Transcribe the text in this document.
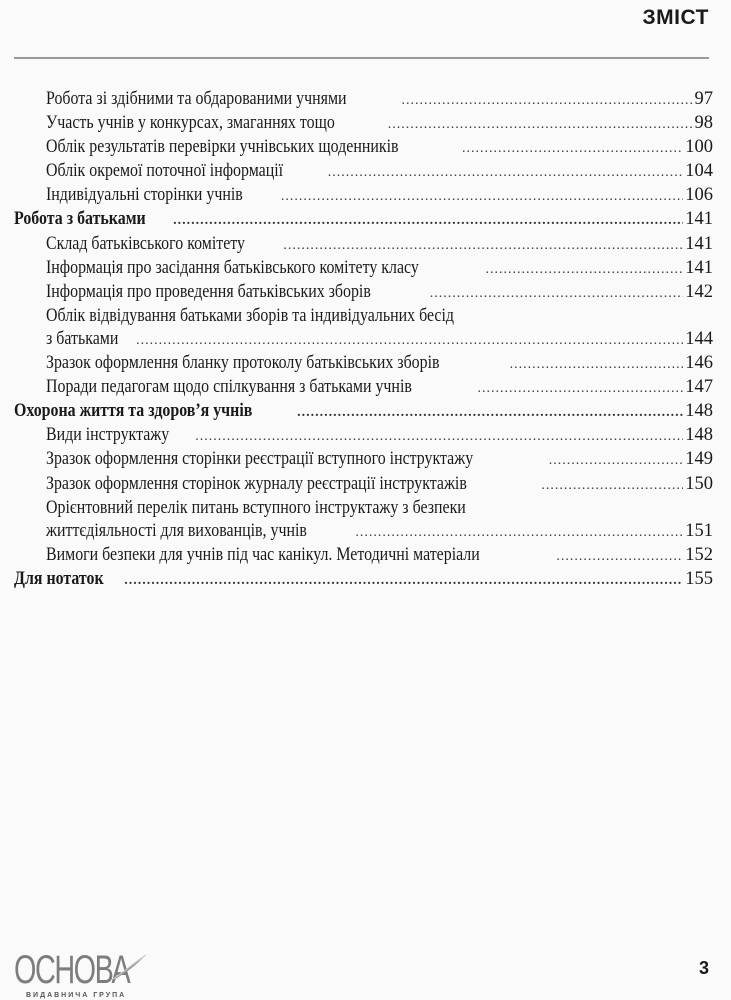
ЗМІСТ
Робота зі здібними та обдарованими учнями .....	97
Участь учнів у конкурсах, змаганнях тощо .....	98
Облік результатів перевірки учнівських щоденників .....	100
Облік окремої поточної інформації .....	104
Індивідуальні сторінки учнів .....	106
Робота з батьками .....	141
Склад батьківського комітету .....	141
Інформація про засідання батьківського комітету класу .....	141
Інформація про проведення батьківських зборів .....	142
Облік відвідування батьками зборів та індивідуальних бесід
з батьками .....	144
Зразок оформлення бланку протоколу батьківських зборів .....	146
Поради педагогам щодо спілкування з батьками учнів .....	147
Охорона життя та здоров’я учнів .....	148
Види інструктажу .....	148
Зразок оформлення сторінки реєстрації вступного інструктажу .....	149
Зразок оформлення сторінок журналу реєстрації інструктажів .....	150
Орієнтовний перелік питань вступного інструктажу з безпеки
життєдіяльності для вихованців, учнів .....	151
Вимоги безпеки для учнів під час канікул. Методичні матеріали .....	152
Для нотаток .....	155
ОСНОВА
ВИДАВНИЧА ГРУПА
3
